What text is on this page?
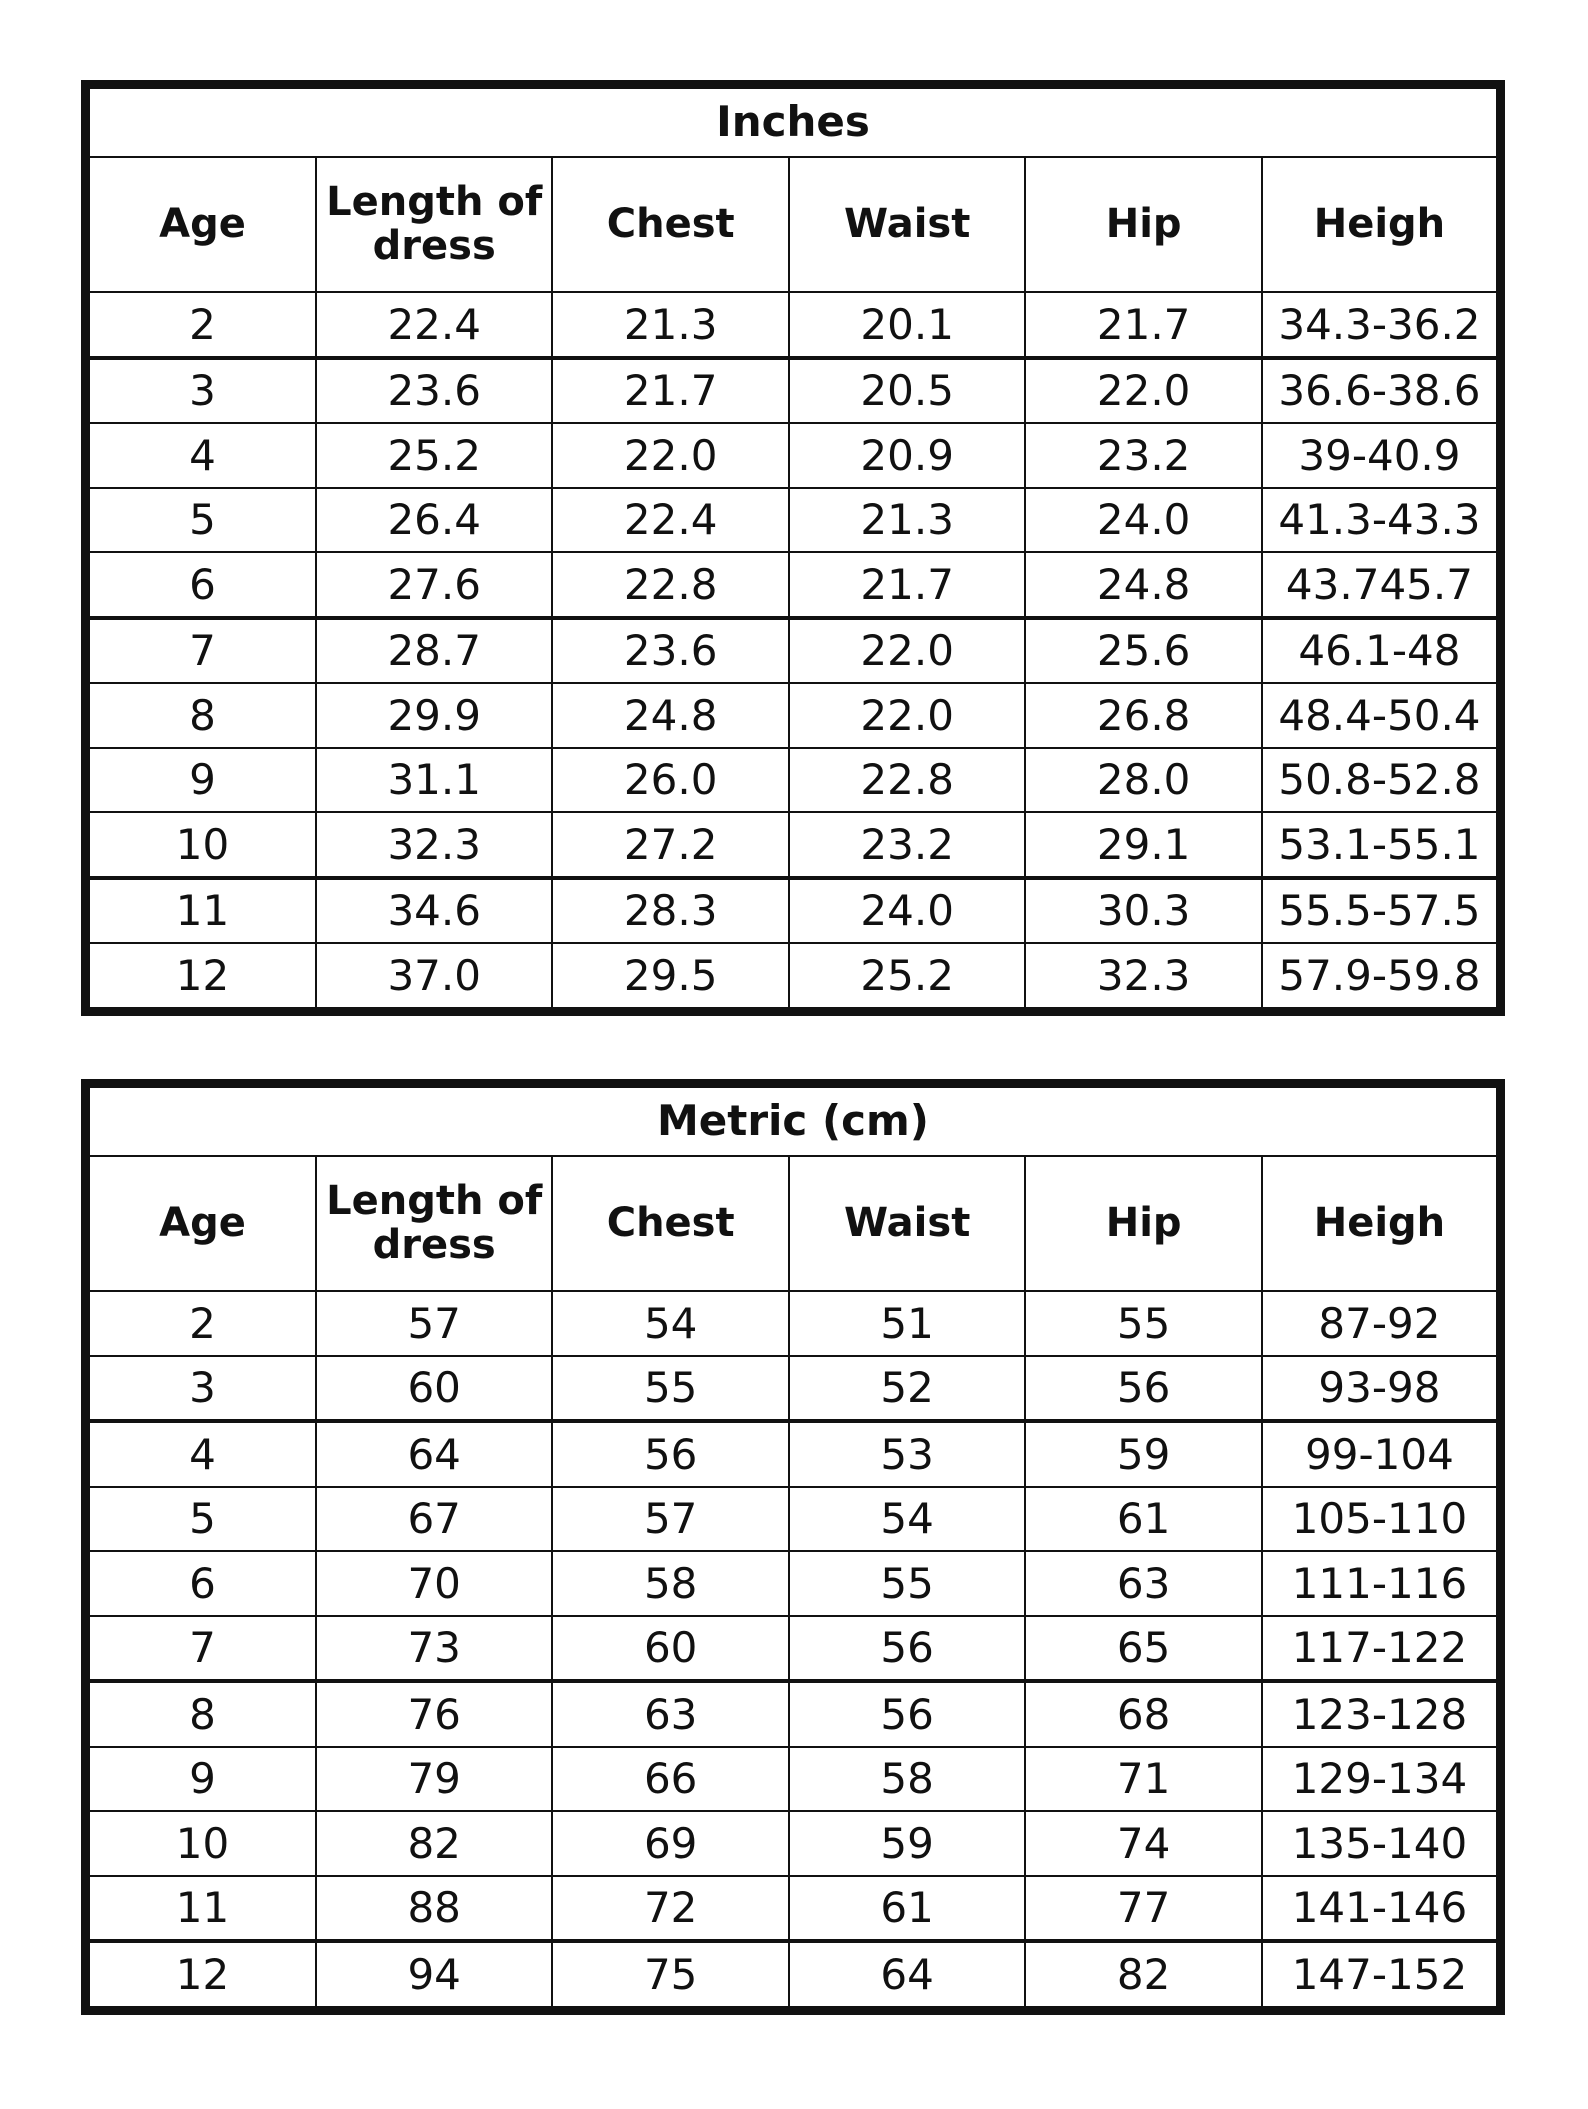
Inches					
Age	Length of dress	Chest	Waist	Hip	Heigh
2	22.4	21.3	20.1	21.7	34.3-36.2
3	23.6	21.7	20.5	22.0	36.6-38.6
4	25.2	22.0	20.9	23.2	39-40.9
5	26.4	22.4	21.3	24.0	41.3-43.3
6	27.6	22.8	21.7	24.8	43.745.7
7	28.7	23.6	22.0	25.6	46.1-48
8	29.9	24.8	22.0	26.8	48.4-50.4
9	31.1	26.0	22.8	28.0	50.8-52.8
10	32.3	27.2	23.2	29.1	53.1-55.1
11	34.6	28.3	24.0	30.3	55.5-57.5
12	37.0	29.5	25.2	32.3	57.9-59.8
Metric (cm)					
Age	Length of dress	Chest	Waist	Hip	Heigh
2	57	54	51	55	87-92
3	60	55	52	56	93-98
4	64	56	53	59	99-104
5	67	57	54	61	105-110
6	70	58	55	63	111-116
7	73	60	56	65	117-122
8	76	63	56	68	123-128
9	79	66	58	71	129-134
10	82	69	59	74	135-140
11	88	72	61	77	141-146
12	94	75	64	82	147-152
